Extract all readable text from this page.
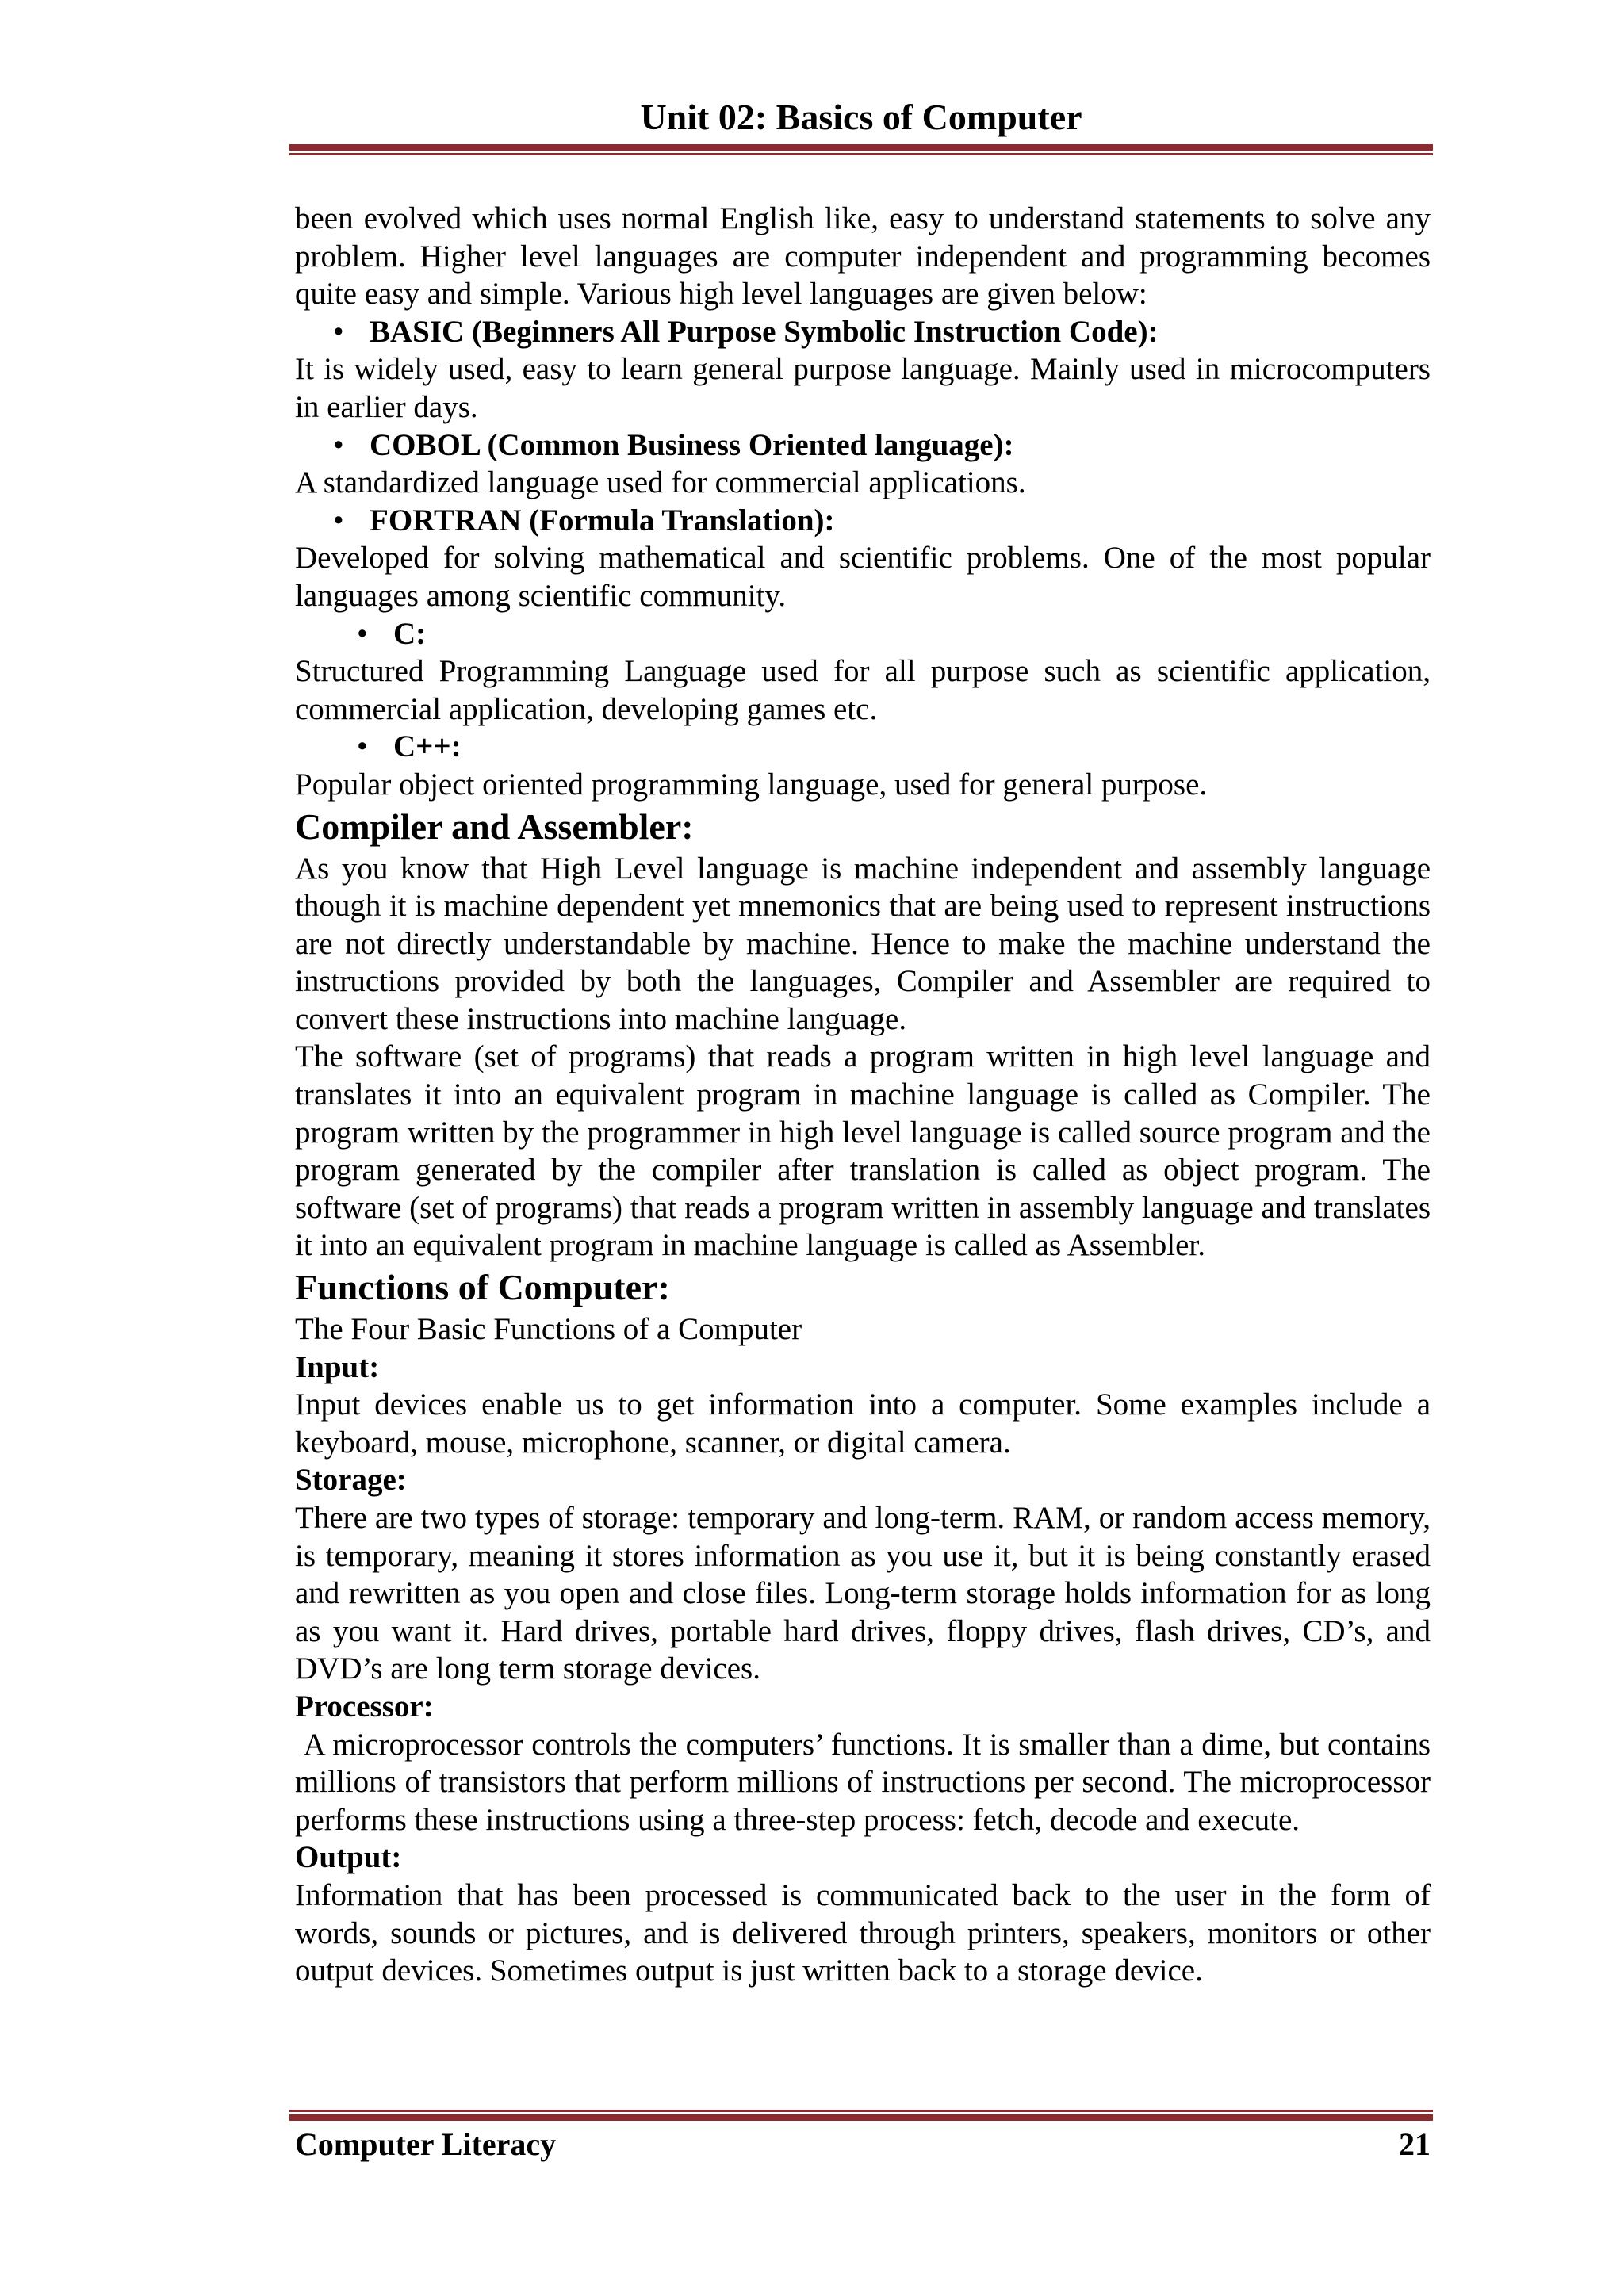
Unit 02: Basics of Computer

been evolved which uses normal English like, easy to understand statements to solve any problem. Higher level languages are computer independent and programming becomes quite easy and simple. Various high level languages are given below:

• BASIC (Beginners All Purpose Symbolic Instruction Code):

It is widely used, easy to learn general purpose language. Mainly used in microcomputers in earlier days.

• COBOL (Common Business Oriented language):

A standardized language used for commercial applications.

• FORTRAN (Formula Translation):

Developed for solving mathematical and scientific problems. One of the most popular languages among scientific community.

• C:

Structured Programming Language used for all purpose such as scientific application, commercial application, developing games etc.

• C++:

Popular object oriented programming language, used for general purpose.

Compiler and Assembler:

As you know that High Level language is machine independent and assembly language though it is machine dependent yet mnemonics that are being used to represent instructions are not directly understandable by machine. Hence to make the machine understand the instructions provided by both the languages, Compiler and Assembler are required to convert these instructions into machine language.

The software (set of programs) that reads a program written in high level language and translates it into an equivalent program in machine language is called as Compiler. The program written by the programmer in high level language is called source program and the program generated by the compiler after translation is called as object program. The software (set of programs) that reads a program written in assembly language and translates it into an equivalent program in machine language is called as Assembler.

Functions of Computer:

The Four Basic Functions of a Computer

Input:

Input devices enable us to get information into a computer. Some examples include a keyboard, mouse, microphone, scanner, or digital camera.

Storage:

There are two types of storage: temporary and long-term. RAM, or random access memory, is temporary, meaning it stores information as you use it, but it is being constantly erased and rewritten as you open and close files. Long-term storage holds information for as long as you want it. Hard drives, portable hard drives, floppy drives, flash drives, CD’s, and DVD’s are long term storage devices.

Processor:

A microprocessor controls the computers’ functions. It is smaller than a dime, but contains millions of transistors that perform millions of instructions per second. The microprocessor performs these instructions using a three-step process: fetch, decode and execute.

Output:

Information that has been processed is communicated back to the user in the form of words, sounds or pictures, and is delivered through printers, speakers, monitors or other output devices. Sometimes output is just written back to a storage device.

Computer Literacy	21
